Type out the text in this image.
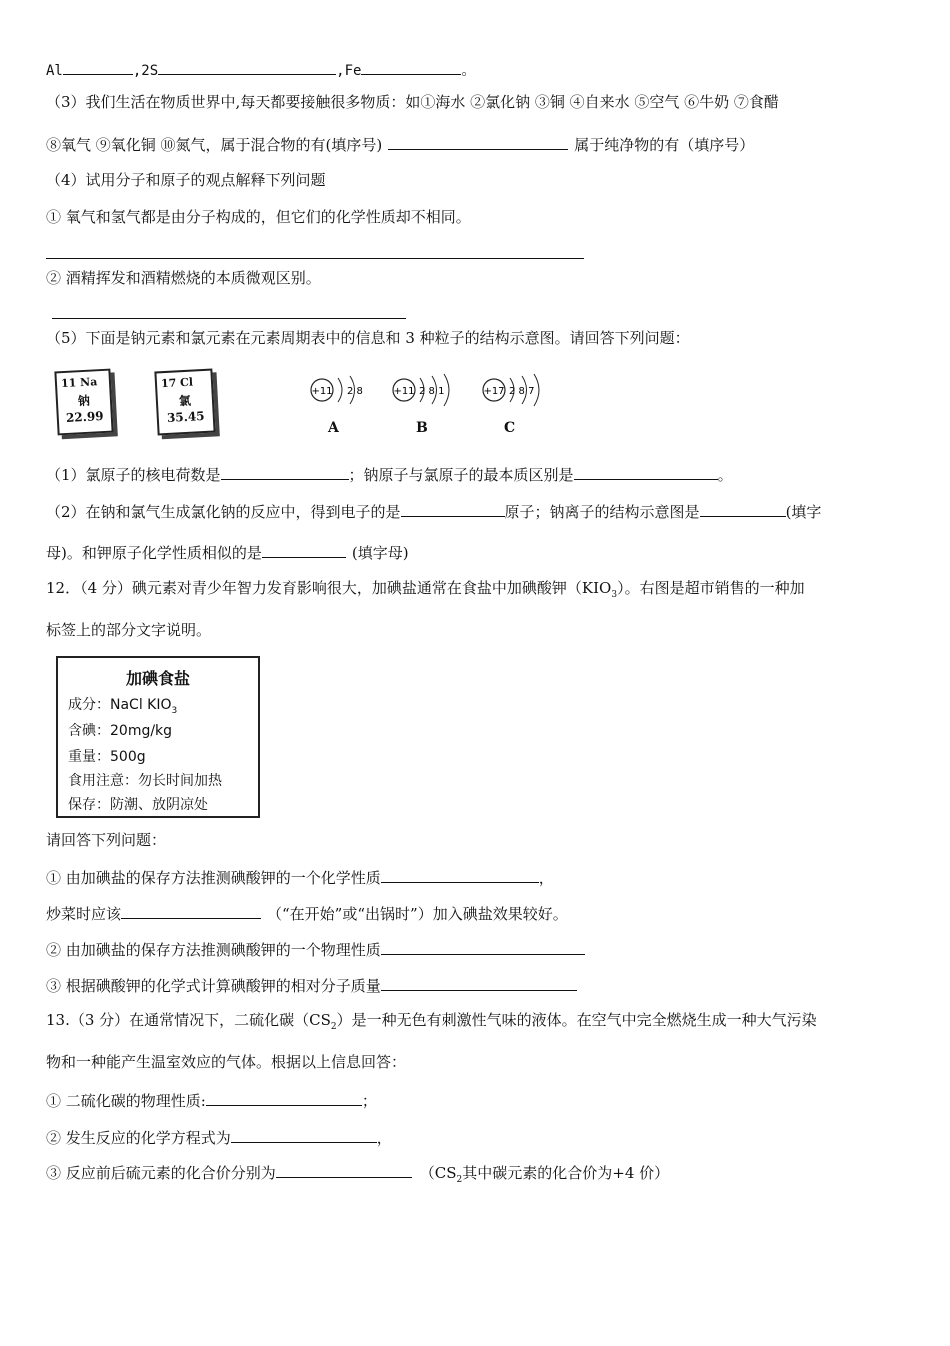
Al	,2S	,Fe	。
（3）我们生活在物质世界中,每天都要接触很多物质：如①海水 ②氯化钠 ③铜 ④自来水 ⑤空气 ⑥牛奶 ⑦食醋
⑧氧气 ⑨氧化铜 ⑩氮气，属于混合物的有(填序号)	属于纯净物的有（填序号）
（4）试用分子和原子的观点解释下列问题
① 氧气和氢气都是由分子构成的，但它们的化学性质却不相同。
② 酒精挥发和酒精燃烧的本质微观区别。
（5）下面是钠元素和氯元素在元素周期表中的信息和 3 种粒子的结构示意图。请回答下列问题：
11 Na
钠
22.99
17 Cl
氯
35.45
+11 2 8
A
+11 2 8 1
B
+17 2 8 7
C
（1）氯原子的核电荷数是	；钠原子与氯原子的最本质区别是	。
（2）在钠和氯气生成氯化钠的反应中，得到电子的是	原子；钠离子的结构示意图是	(填字
母)。和钾原子化学性质相似的是	(填字母)
12．（4 分）碘元素对青少年智力发育影响很大，加碘盐通常在食盐中加碘酸钾$(KIO_3)$。右图是超市销售的一种加
标签上的部分文字说明。
加碘食盐
成分：NaCl $KIO_3$
含碘：20mg/kg
重量：500g
食用注意：勿长时间加热
保存：防潮、放阴凉处
请回答下列问题：
① 由加碘盐的保存方法推测碘酸钾的一个化学性质	，
炒菜时应该	（“在开始”或“出锅时”）加入碘盐效果较好。
② 由加碘盐的保存方法推测碘酸钾的一个物理性质
③ 根据碘酸钾的化学式计算碘酸钾的相对分子质量
13.（3 分）在通常情况下，二硫化碳$(CS_2)$是一种无色有刺激性气味的液体。在空气中完全燃烧生成一种大气污染
物和一种能产生温室效应的气体。根据以上信息回答：
① 二硫化碳的物理性质:	；
② 发生反应的化学方程式为	，
③ 反应前后硫元素的化合价分别为	（$CS_2$其中碳元素的化合价为+4 价）
